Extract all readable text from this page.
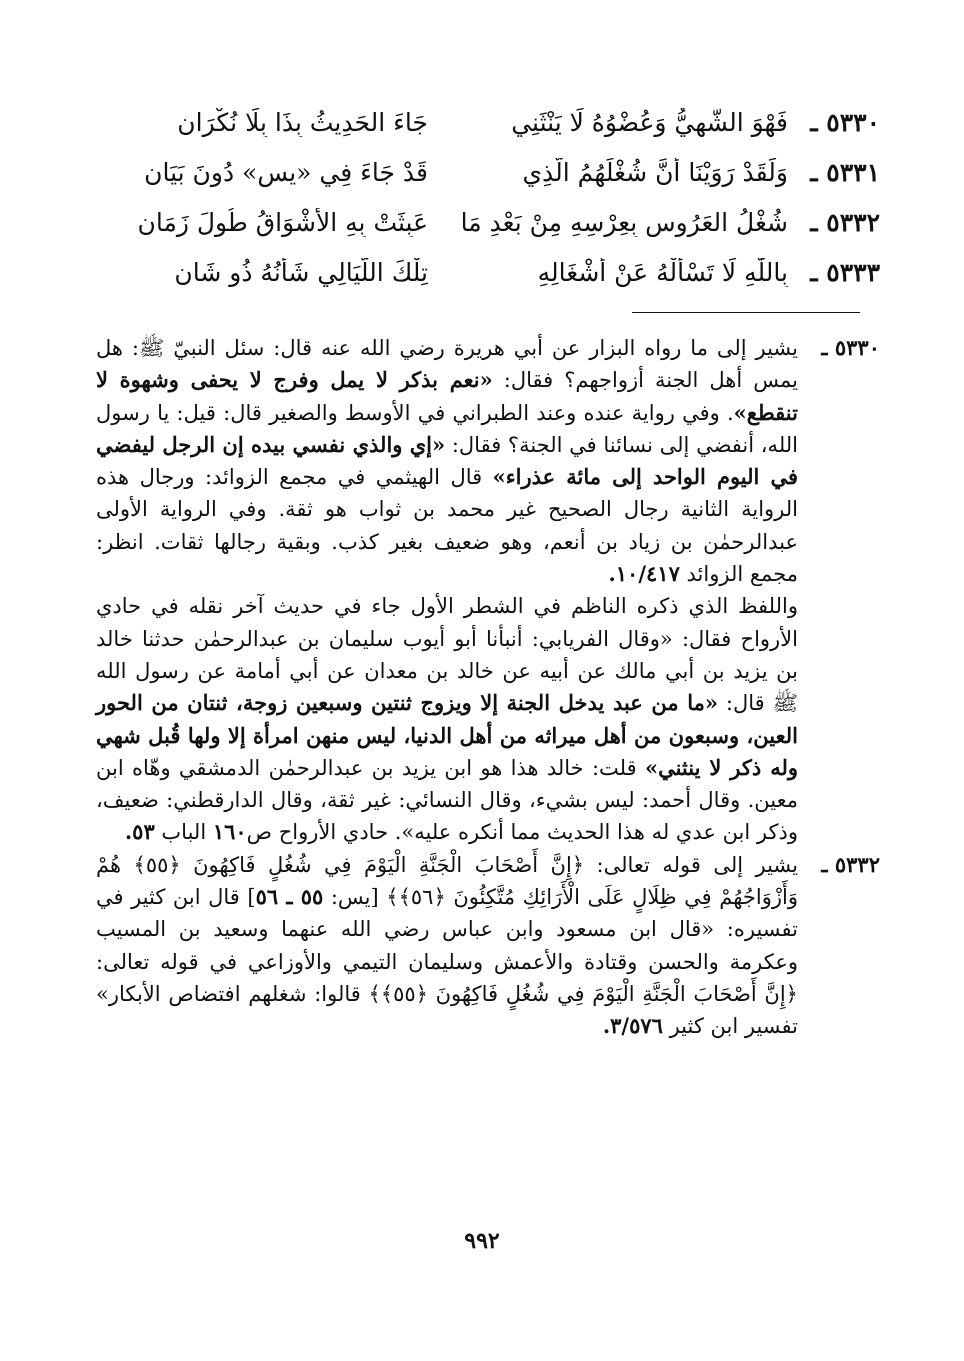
٥٣٣٠ ـ
فَهْوَ الشَّهِيُّ وَعُضْوُهُ لَا يَنْثَنِي
جَاءَ الحَدِيثُ بِذَا بِلَا نُكْرَانِ
٥٣٣١ ـ
وَلَقَدْ رَوَيْنَا أَنَّ شُغْلَهُمُ الَّذِي
قَدْ جَاءَ فِي «يس» دُونَ بَيَانِ
٥٣٣٢ ـ
شُغْلُ العَرُوسِ بِعِرْسِهِ مِنْ بَعْدِ مَا
عَبِثَتْ بِهِ الأَشْوَاقُ طُولَ زَمَانِ
٥٣٣٣ ـ
بِاللّٰهِ لَا تَسْأَلْهُ عَنْ أَشْغَالِهِ
تِلْكَ اللَّيَالِي شَأْنُهُ ذُو شَانِ
٥٣٣٠ ـ

يشير إلى ما رواه البزار عن أبي هريرة رضي الله عنه قال: سئل النبيّ ﷺ: هل يمس أهل الجنة أزواجهم؟ فقال: «نعم بذكر لا يمل وفرج لا يحفى وشهوة لا تنقطع». وفي رواية عنده وعند الطبراني في الأوسط والصغير قال: قيل: يا رسول الله، أنفضي إلى نسائنا في الجنة؟ فقال: «إي والذي نفسي بيده إن الرجل ليفضي في اليوم الواحد إلى مائة عذراء» قال الهيثمي في مجمع الزوائد: ورجال هذه الرواية الثانية رجال الصحيح غير محمد بن ثواب هو ثقة. وفي الرواية الأولى عبدالرحمٰن بن زياد بن أنعم، وهو ضعيف بغير كذب. وبقية رجالها ثقات. انظر: مجمع الزوائد ١٠/٤١٧.

واللفظ الذي ذكره الناظم في الشطر الأول جاء في حديث آخر نقله في حادي الأرواح فقال: «وقال الفريابي: أنبأنا أبو أيوب سليمان بن عبدالرحمٰن حدثنا خالد بن يزيد بن أبي مالك عن أبيه عن خالد بن معدان عن أبي أمامة عن رسول الله ﷺ قال: «ما من عبد يدخل الجنة إلا ويزوج ثنتين وسبعين زوجة، ثنتان من الحور العين، وسبعون من أهل ميراثه من أهل الدنيا، ليس منهن امرأة إلا ولها قُبل شهي وله ذكر لا ينثني» قلت: خالد هذا هو ابن يزيد بن عبدالرحمٰن الدمشقي وهّاه ابن معين. وقال أحمد: ليس بشيء، وقال النسائي: غير ثقة، وقال الدارقطني: ضعيف، وذكر ابن عدي له هذا الحديث مما أنكره عليه». حادي الأرواح ص١٦٠ الباب ٥٣.

٥٣٣٢ ـ

يشير إلى قوله تعالى: ﴿إِنَّ أَصْحَابَ الْجَنَّةِ الْيَوْمَ فِي شُغُلٍ فَاكِهُونَ ﴿٥٥﴾ هُمْ وَأَزْوَاجُهُمْ فِي ظِلَالٍ عَلَى الْأَرَائِكِ مُتَّكِئُونَ ﴿٥٦﴾﴾ [يس: ٥٥ ـ ٥٦] قال ابن كثير في تفسيره: «قال ابن مسعود وابن عباس رضي الله عنهما وسعيد بن المسيب وعكرمة والحسن وقتادة والأعمش وسليمان التيمي والأوزاعي في قوله تعالى: ﴿إِنَّ أَصْحَابَ الْجَنَّةِ الْيَوْمَ فِي شُغُلٍ فَاكِهُونَ ﴿٥٥﴾﴾ قالوا: شغلهم افتضاص الأبكار» تفسير ابن كثير ٣/٥٧٦.

٩٩٢
